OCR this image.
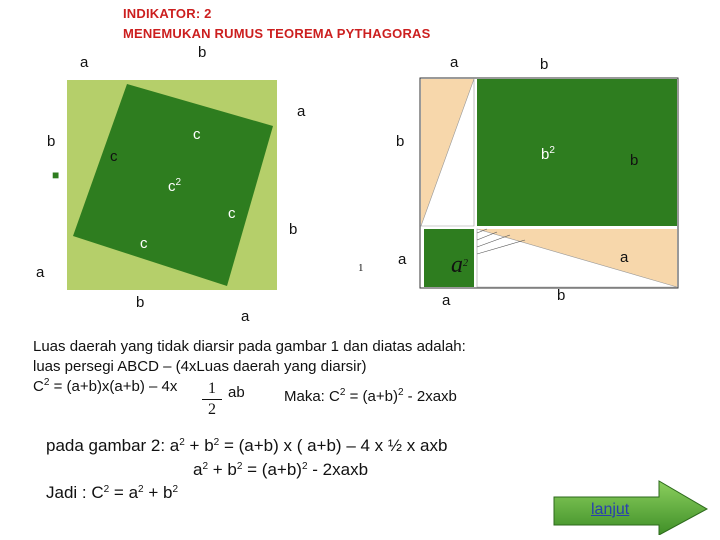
INDIKATOR: 2
MENEMUKAN RUMUS TEOREMA PYTHAGORAS
a
b
b
c
■
c
$c^2$
c
c
a
b
a
b
a
1
a	b
b
$b^2$
b
a	a
$a^2$
a	b
Luas daerah yang tidak diarsir pada gambar 1 dan diatas adalah:
luas persegi ABCD – (4xLuas daerah yang diarsir)
$C^2 = (a+b)x(a+b) - 4x$	1
2
ab	Maka: $C^2 = (a+b)^2$ - 2xaxb
pada gambar 2: $a^2 + b^2 = (a+b)$ x ( a+b) – 4 x ½ x axb
$a^2 + b^2 = (a+b)^2$ - 2xaxb
Jadi : $C^2 = a^2 + b^2$
lanjut
